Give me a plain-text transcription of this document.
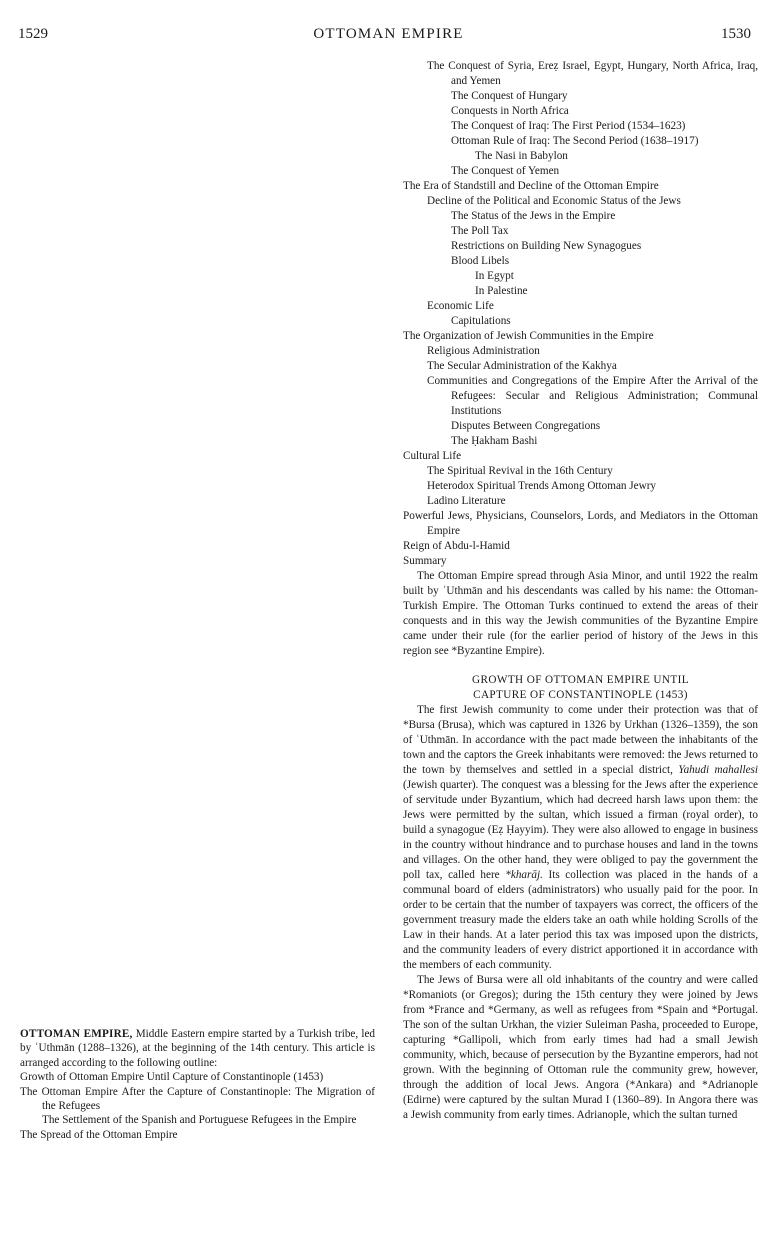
1529	OTTOMAN EMPIRE	1530

OTTOMAN EMPIRE, Middle Eastern empire started by a Turkish tribe, led by ʿUthmān (1288–1326), at the beginning of the 14th century. This article is arranged according to the following outline:

Growth of Ottoman Empire Until Capture of Constantinople (1453)
The Ottoman Empire After the Capture of Constantinople: The Migration of the Refugees
The Settlement of the Spanish and Portuguese Refugees in the Empire
The Spread of the Ottoman Empire
The Conquest of Syria, Ereẓ Israel, Egypt, Hungary, North Africa, Iraq, and Yemen
The Conquest of Hungary
Conquests in North Africa
The Conquest of Iraq: The First Period (1534–1623)
Ottoman Rule of Iraq: The Second Period (1638–1917)
The Nasi in Babylon
The Conquest of Yemen
The Era of Standstill and Decline of the Ottoman Empire
Decline of the Political and Economic Status of the Jews
The Status of the Jews in the Empire
The Poll Tax
Restrictions on Building New Synagogues
Blood Libels
In Egypt
In Palestine
Economic Life
Capitulations
The Organization of Jewish Communities in the Empire
Religious Administration
The Secular Administration of the Kakhya
Communities and Congregations of the Empire After the Arrival of the Refugees: Secular and Religious Administration; Communal Institutions
Disputes Between Congregations
The Ḥakham Bashi
Cultural Life
The Spiritual Revival in the 16th Century
Heterodox Spiritual Trends Among Ottoman Jewry
Ladino Literature
Powerful Jews, Physicians, Counselors, Lords, and Mediators in the Ottoman Empire
Reign of Abdu-l-Hamid
Summary

The Ottoman Empire spread through Asia Minor, and until 1922 the realm built by ʿUthmān and his descendants was called by his name: the Ottoman-Turkish Empire. The Ottoman Turks continued to extend the areas of their conquests and in this way the Jewish communities of the Byzantine Empire came under their rule (for the earlier period of history of the Jews in this region see *Byzantine Empire).

GROWTH OF OTTOMAN EMPIRE UNTIL
CAPTURE OF CONSTANTINOPLE (1453)

The first Jewish community to come under their protection was that of *Bursa (Brusa), which was captured in 1326 by Urkhan (1326–1359), the son of ʿUthmān. In accordance with the pact made between the inhabitants of the town and the captors the Greek inhabitants were removed: the Jews returned to the town by themselves and settled in a special district, Yahudi mahallesi (Jewish quarter). The conquest was a blessing for the Jews after the experience of servitude under Byzantium, which had decreed harsh laws upon them: the Jews were permitted by the sultan, which issued a firman (royal order), to build a synagogue (Eẓ Ḥayyim). They were also allowed to engage in business in the country without hindrance and to purchase houses and land in the towns and villages. On the other hand, they were obliged to pay the government the poll tax, called here *kharāj. Its collection was placed in the hands of a communal board of elders (administrators) who usually paid for the poor. In order to be certain that the number of taxpayers was correct, the officers of the government treasury made the elders take an oath while holding Scrolls of the Law in their hands. At a later period this tax was imposed upon the districts, and the community leaders of every district apportioned it in accordance with the members of each community.

The Jews of Bursa were all old inhabitants of the country and were called *Romaniots (or Gregos); during the 15th century they were joined by Jews from *France and *Germany, as well as refugees from *Spain and *Portugal. The son of the sultan Urkhan, the vizier Suleiman Pasha, proceeded to Europe, capturing *Gallipoli, which from early times had had a small Jewish community, which, because of persecution by the Byzantine emperors, had not grown. With the beginning of Ottoman rule the community grew, however, through the addition of local Jews. Angora (*Ankara) and *Adrianople (Edirne) were captured by the sultan Murad I (1360–89). In Angora there was a Jewish community from early times. Adrianople, which the sultan turned
